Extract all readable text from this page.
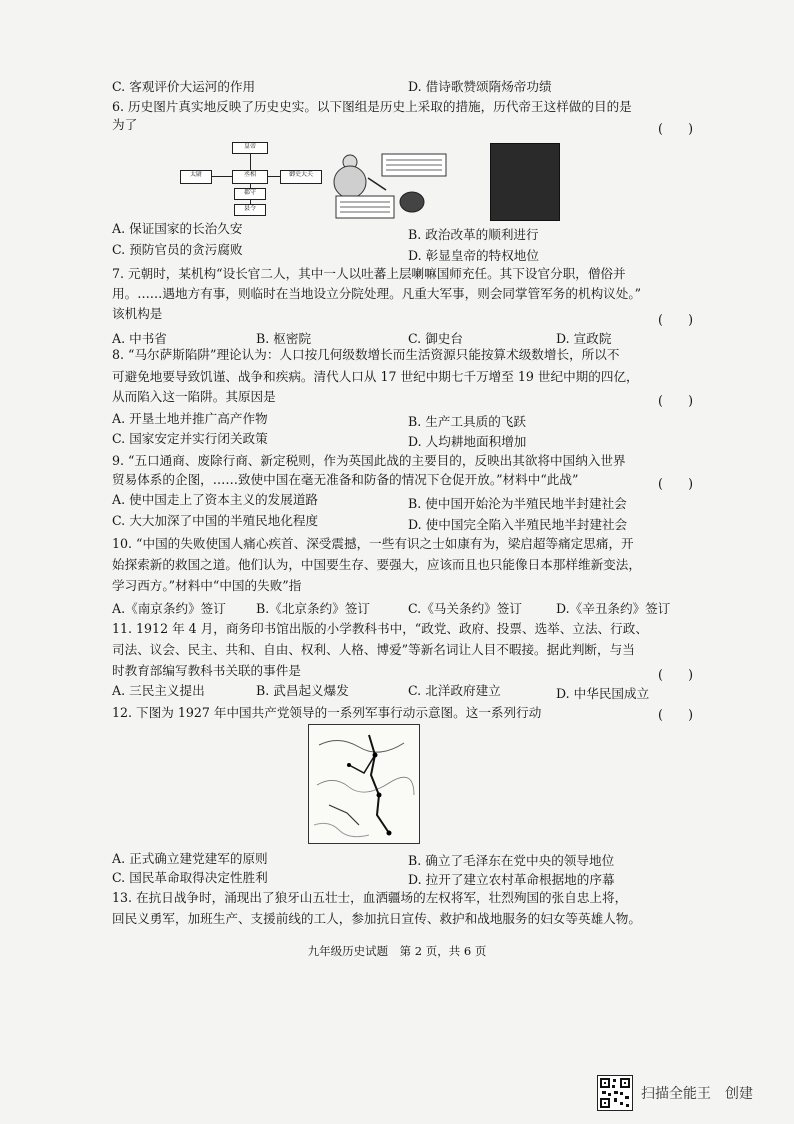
C. 客观评价大运河的作用	D. 借诗歌赞颂隋炀帝功绩
6. 历史图片真实地反映了历史史实。以下图组是历史上采取的措施，历代帝王这样做的目的是
为了	(　　)
皇帝
太尉	丞相	御史大夫
郡守
县令
A. 保证国家的长治久安	B. 政治改革的顺利进行
C. 预防官员的贪污腐败	D. 彰显皇帝的特权地位
7. 元朝时，某机构“设长官二人，其中一人以吐蕃上层喇嘛国师充任。其下设官分职，僧俗并
用。……遇地方有事，则临时在当地设立分院处理。凡重大军事，则会同掌管军务的机构议处。”
该机构是	(　　)
A. 中书省	B. 枢密院	C. 御史台	D. 宣政院
8. “马尔萨斯陷阱”理论认为：人口按几何级数增长而生活资源只能按算术级数增长，所以不
可避免地要导致饥谨、战争和疾病。清代人口从 17 世纪中期七千万增至 19 世纪中期的四亿，
从而陷入这一陷阱。其原因是	(　　)
A. 开垦土地并推广高产作物	B. 生产工具质的飞跃
C. 国家安定并实行闭关政策	D. 人均耕地面积增加
9. “五口通商、废除行商、新定税则，作为英国此战的主要目的，反映出其欲将中国纳入世界
贸易体系的企图，……致使中国在毫无准备和防备的情况下仓促开放。”材料中“此战”	(　　)
A. 使中国走上了资本主义的发展道路	B. 使中国开始沦为半殖民地半封建社会
C. 大大加深了中国的半殖民地化程度	D. 使中国完全陷入半殖民地半封建社会
10. “中国的失败使国人痛心疾首、深受震撼，一些有识之士如康有为，梁启超等痛定思痛，开
始探索新的救国之道。他们认为，中国要生存、要强大，应该而且也只能像日本那样维新变法，
学习西方。”材料中“中国的失败”指
A.《南京条约》签订 B.《北京条约》签订	C.《马关条约》签订	D.《辛丑条约》签订
11. 1912 年 4 月，商务印书馆出版的小学教科书中，“政党、政府、投票、选举、立法、行政、
司法、议会、民主、共和、自由、权利、人格、博爱”等新名词让人目不暇接。据此判断，与当
时教育部编写教科书关联的事件是	(　　)
A. 三民主义提出	B. 武昌起义爆发	C. 北洋政府建立	D. 中华民国成立
12. 下图为 1927 年中国共产党领导的一系列军事行动示意图。这一系列行动	(　　)
A. 正式确立建党建军的原则	B. 确立了毛泽东在党中央的领导地位
C. 国民革命取得决定性胜利	D. 拉开了建立农村革命根据地的序幕
13. 在抗日战争时，涌现出了狼牙山五壮士，血洒疆场的左权将军，壮烈殉国的张自忠上将，
回民义勇军，加班生产、支援前线的工人，参加抗日宣传、救护和战地服务的妇女等英雄人物。
九年级历史试题　第 2 页，共 6 页
扫描全能王　创建
